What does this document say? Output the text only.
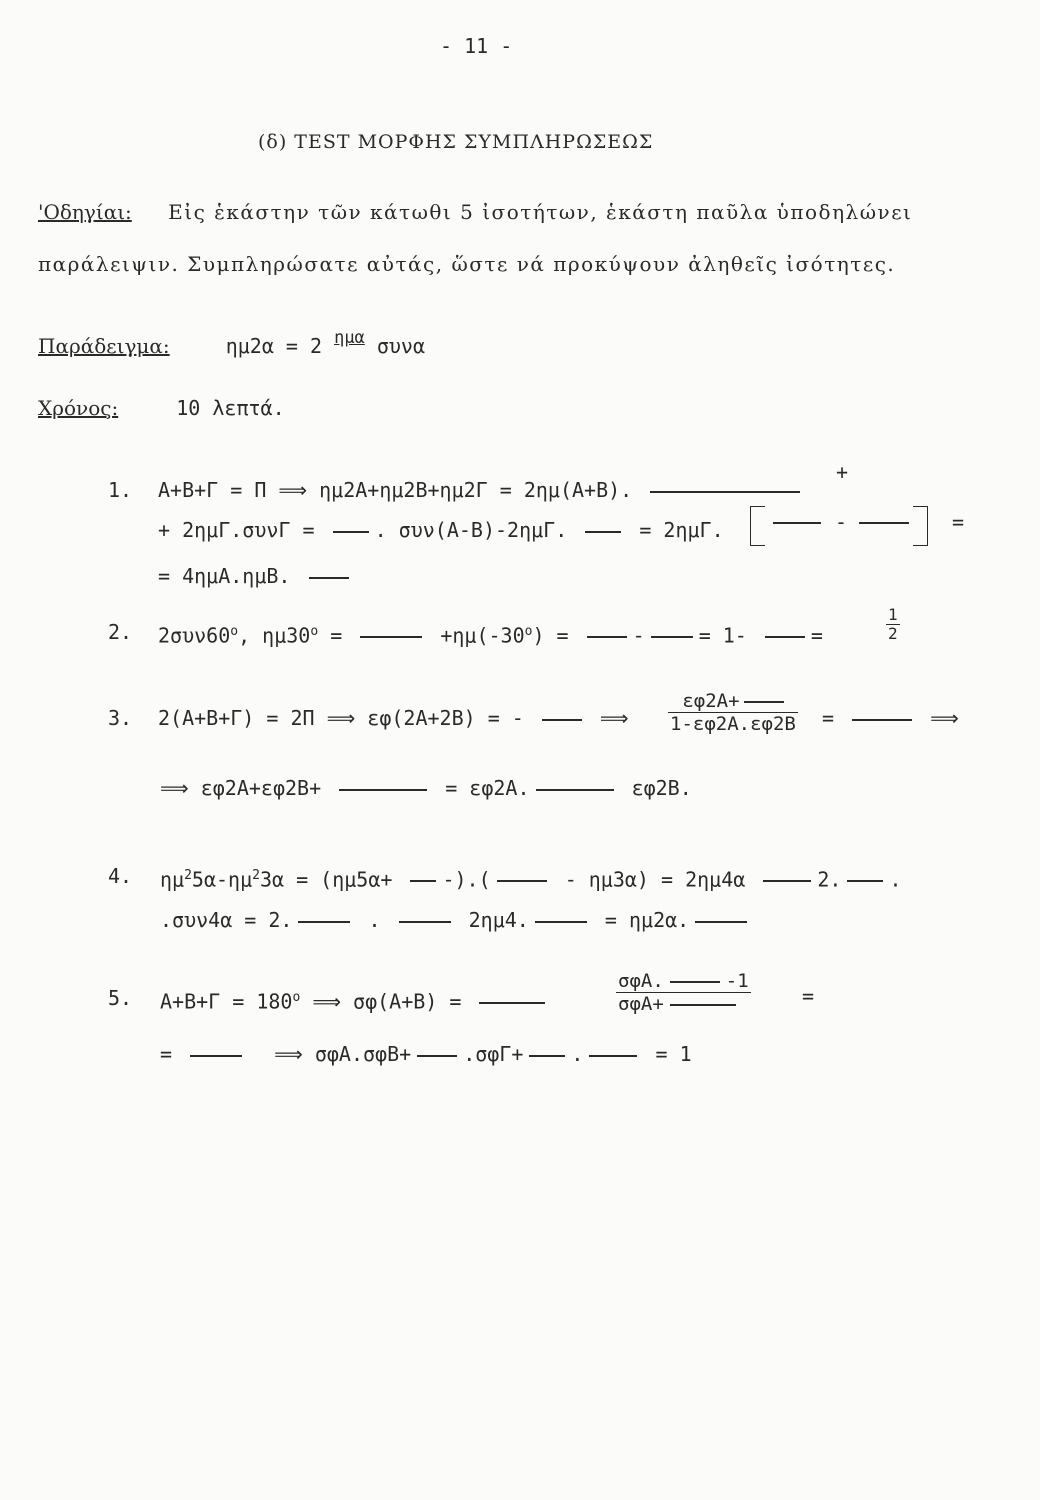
- 11 -
(δ) TEST ΜΟΡΦΗΣ ΣΥΜΠΛΗΡΩΣΕΩΣ
'Οδηγίαι: Εἰς ἑκάστην τῶν κάτωθι 5 ἰσοτήτων, ἑκάστη παῦλα ὑποδηλώνει
παράλειψιν. Συμπληρώσατε αὐτάς, ὥστε νά προκύψουν ἀληθεῖς ἰσότητες.
Παράδειγμα:	ημ2α = 2 $^{\eta\mu\alpha}$ συνα
Χρόνος:	10 λεπτά.
1. Α+Β+Γ = Π ⟹ ημ2Α+ημ2Β+ημ2Γ = 2ημ(Α+Β).
+
+ 2ημΓ.συνΓ =	. συν(Α-Β)-2ημΓ.	= 2ημΓ.	-	=
= 4ημΑ.ημΒ.
2. 2συν60$^o$, $\eta\mu 30^o$ =	$+\eta\mu(-30^o)$ =	-	= 1-	=	$\frac{1}{2}$
3. 2(Α+Β+Γ) = 2Π ⟹ εφ(2Α+2Β) = -	⟹ $\frac{\varepsilon\varphi 2A+}{1-\varepsilon\varphi 2A.\varepsilon\varphi 2B}$ =	⟹
⟹ εφ2Α+εφ2Β+	= εφ2Α.	εφ2Β.
4. $\eta\mu^25\alpha-\eta\mu^23\alpha = (\eta\mu 5\alpha+$	-).(	- ημ3α) = 2ημ4α	2. .
.συν4α = 2.	.	2ημ4.	= ημ2α.
5. $A+B+\Gamma = 180^o$ ⟹ σφ(Α+Β) =
σφΑ.	-1
σφΑ+	=
=	⟹ σφΑ.σφΒ+	.σφΓ+ .	= 1
